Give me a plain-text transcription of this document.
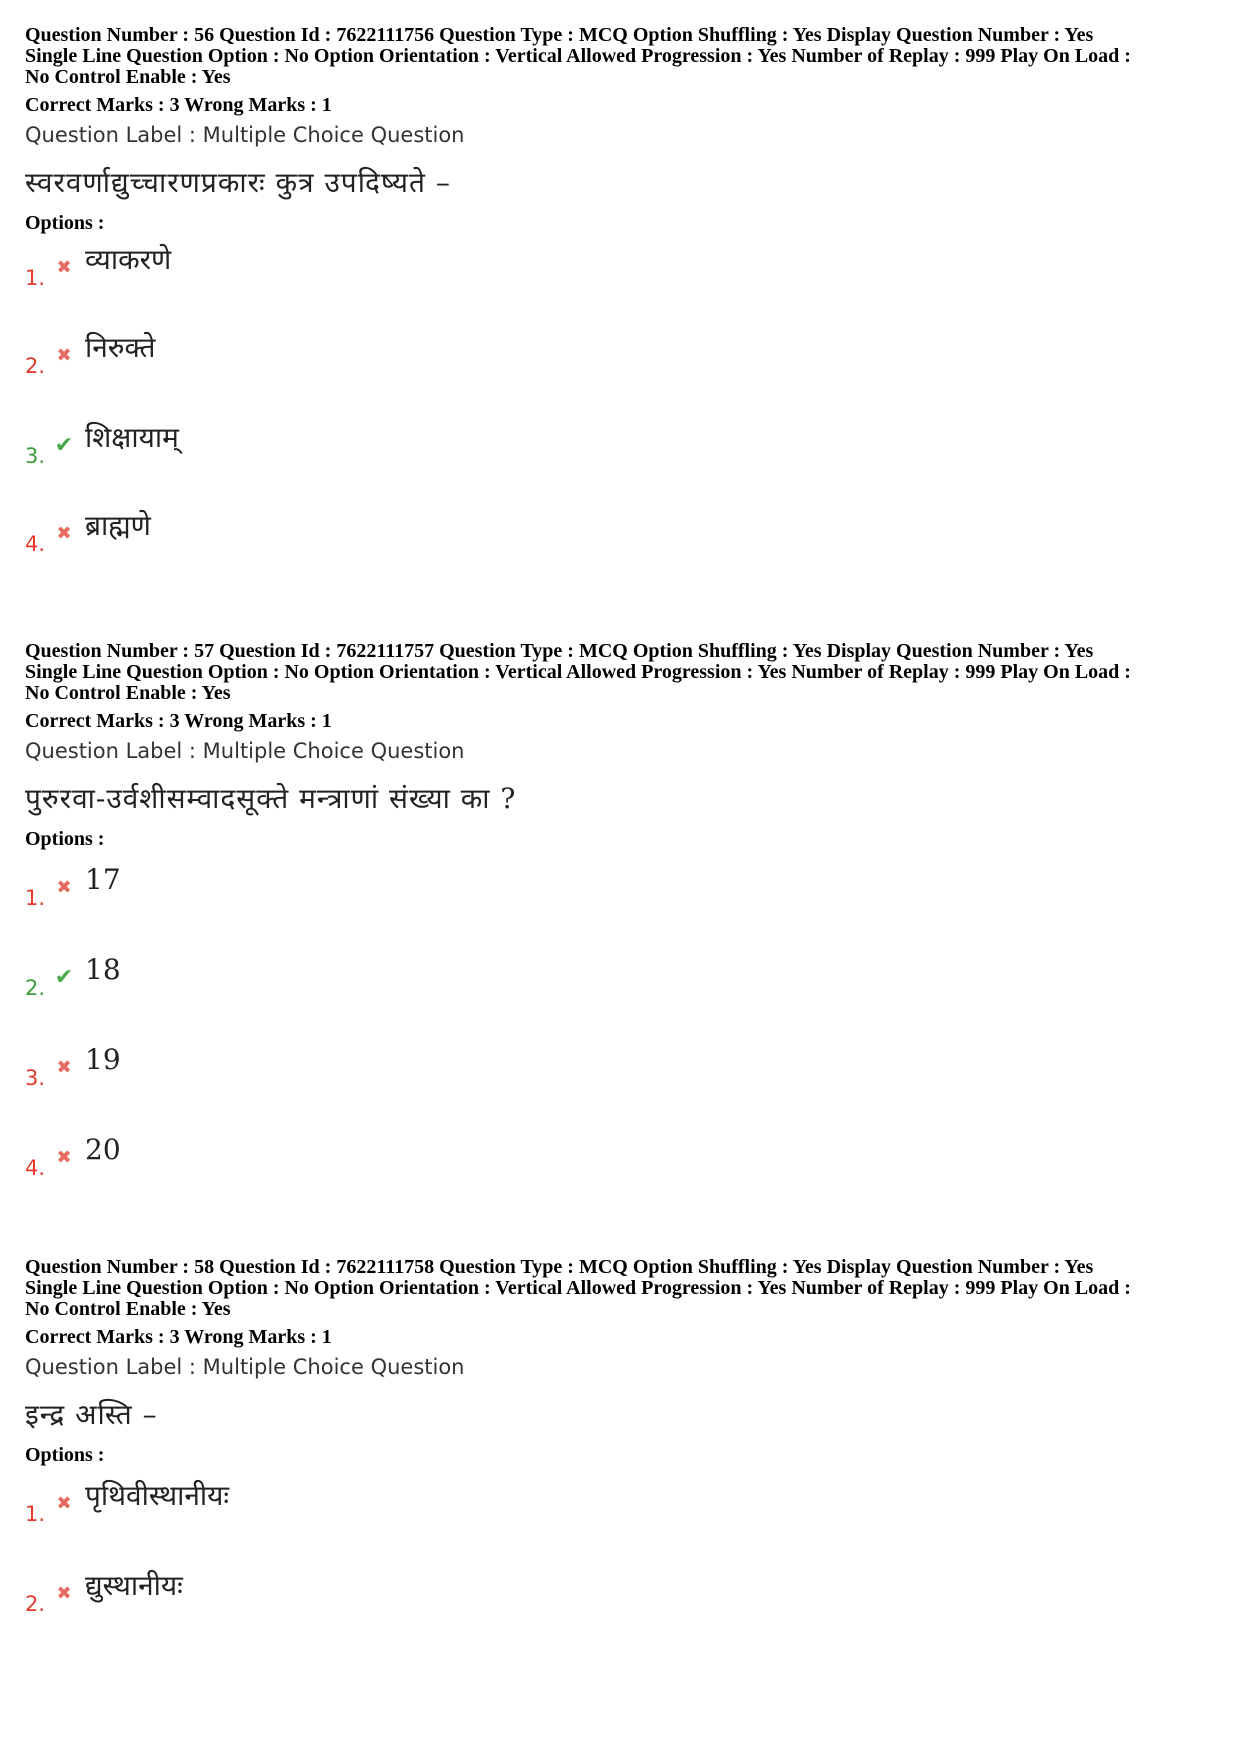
Question Number : 56 Question Id : 7622111756 Question Type : MCQ Option Shuffling : Yes Display Question Number : Yes
Single Line Question Option : No Option Orientation : Vertical Allowed Progression : Yes Number of Replay : 999 Play On Load :
No Control Enable : Yes
Correct Marks : 3 Wrong Marks : 1
Question Label : Multiple Choice Question
स्वरवर्णाद्युच्चारणप्रकारः कुत्र उपदिष्यते –
Options :
1. ✖ व्याकरणे
2. ✖ निरुक्ते
3. ✔ शिक्षायाम्
4. ✖ ब्राह्मणे
Question Number : 57 Question Id : 7622111757 Question Type : MCQ Option Shuffling : Yes Display Question Number : Yes
Single Line Question Option : No Option Orientation : Vertical Allowed Progression : Yes Number of Replay : 999 Play On Load :
No Control Enable : Yes
Correct Marks : 3 Wrong Marks : 1
Question Label : Multiple Choice Question
पुरुरवा-उर्वशीसम्वादसूक्ते मन्त्राणां संख्या का ?
Options :
1. ✖ 17
2. ✔ 18
3. ✖ 19
4. ✖ 20
Question Number : 58 Question Id : 7622111758 Question Type : MCQ Option Shuffling : Yes Display Question Number : Yes
Single Line Question Option : No Option Orientation : Vertical Allowed Progression : Yes Number of Replay : 999 Play On Load :
No Control Enable : Yes
Correct Marks : 3 Wrong Marks : 1
Question Label : Multiple Choice Question
इन्द्र अस्ति –
Options :
1. ✖ पृथिवीस्थानीयः
2. ✖ द्युस्थानीयः
